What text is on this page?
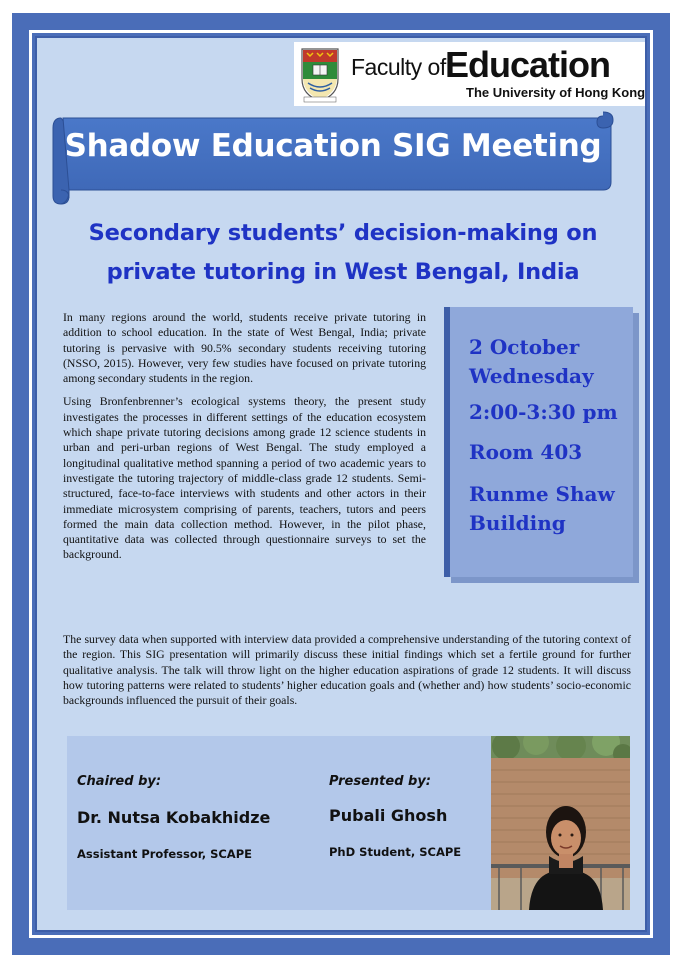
Faculty of Education
The University of Hong Kong
Shadow Education SIG Meeting
Secondary students’ decision-making on
private tutoring in West Bengal, India

In many regions around the world, students receive private tutoring in addition to school education. In the state of West Bengal, India; private tutoring is pervasive with 90.5% secondary students receiving tutoring (NSSO, 2015). However, very few studies have focused on private tutoring among secondary students in the region.

Using Bronfenbrenner’s ecological systems theory, the present study investigates the processes in different settings of the education ecosystem which shape private tutoring decisions among grade 12 science students in urban and peri-urban regions of West Bengal. The study employed a longitudinal qualitative method spanning a period of two academic years to investigate the tutoring trajectory of middle-class grade 12 students. Semi-structured, face-to-face interviews with students and other actors in their immediate microsystem comprising of parents, teachers, tutors and peers formed the main data collection method. However, in the pilot phase, quantitative data was collected through questionnaire surveys to set the background.

2 October
Wednesday
2:00-3:30 pm
Room 403
Runme Shaw
Building

The survey data when supported with interview data provided a comprehensive understanding of the tutoring context of the region. This SIG presentation will primarily discuss these initial findings which set a fertile ground for further qualitative analysis. The talk will throw light on the higher education aspirations of grade 12 students. It will discuss how tutoring patterns were related to students’ higher education goals and (whether and) how students’ socio-economic backgrounds influenced the pursuit of their goals.

Chaired by:
Dr. Nutsa Kobakhidze
Assistant Professor, SCAPE
Presented by:
Pubali Ghosh
PhD Student, SCAPE
